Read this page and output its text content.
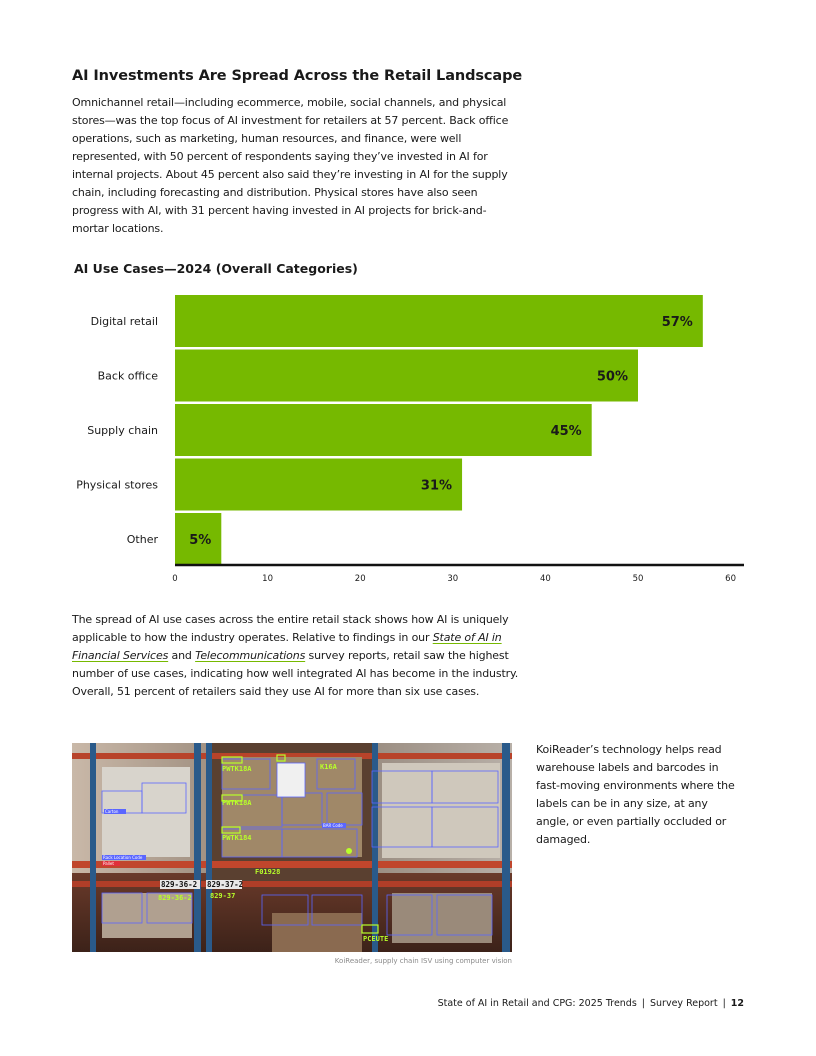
AI Investments Are Spread Across the Retail Landscape

Omnichannel retail—including ecommerce, mobile, social channels, and physical stores—was the top focus of AI investment for retailers at 57 percent. Back office operations, such as marketing, human resources, and finance, were well represented, with 50 percent of respondents saying they’ve invested in AI for internal projects. About 45 percent also said they’re investing in AI for the supply chain, including forecasting and distribution. Physical stores have also seen progress with AI, with 31 percent having invested in AI projects for brick-and-mortar locations.

AI Use Cases—2024 (Overall Categories)
Digital retail	57%
Back office	50%
Supply chain	45%
Physical stores	31%
Other 5%
0	10	20	30	40	50	60

The spread of AI use cases across the entire retail stack shows how AI is uniquely applicable to how the industry operates. Relative to findings in our State of AI in Financial Services and Telecommunications survey reports, retail saw the highest number of use cases, indicating how well integrated AI has become in the industry. Overall, 51 percent of retailers said they use AI for more than six use cases.

PWTK18A	K16A
PWTK18A
PWTK184
F01928
829-36-2 829-37-2
829-36-2	829-37
PCEUTE
Carton
Rack Location Code
Pallet
BAR Code
KoiReader, supply chain ISV using computer vision

KoiReader’s technology helps read warehouse labels and barcodes in fast-moving environments where the labels can be in any size, at any angle, or even partially occluded or damaged.

State of AI in Retail and CPG: 2025 Trends | Survey Report | 12
